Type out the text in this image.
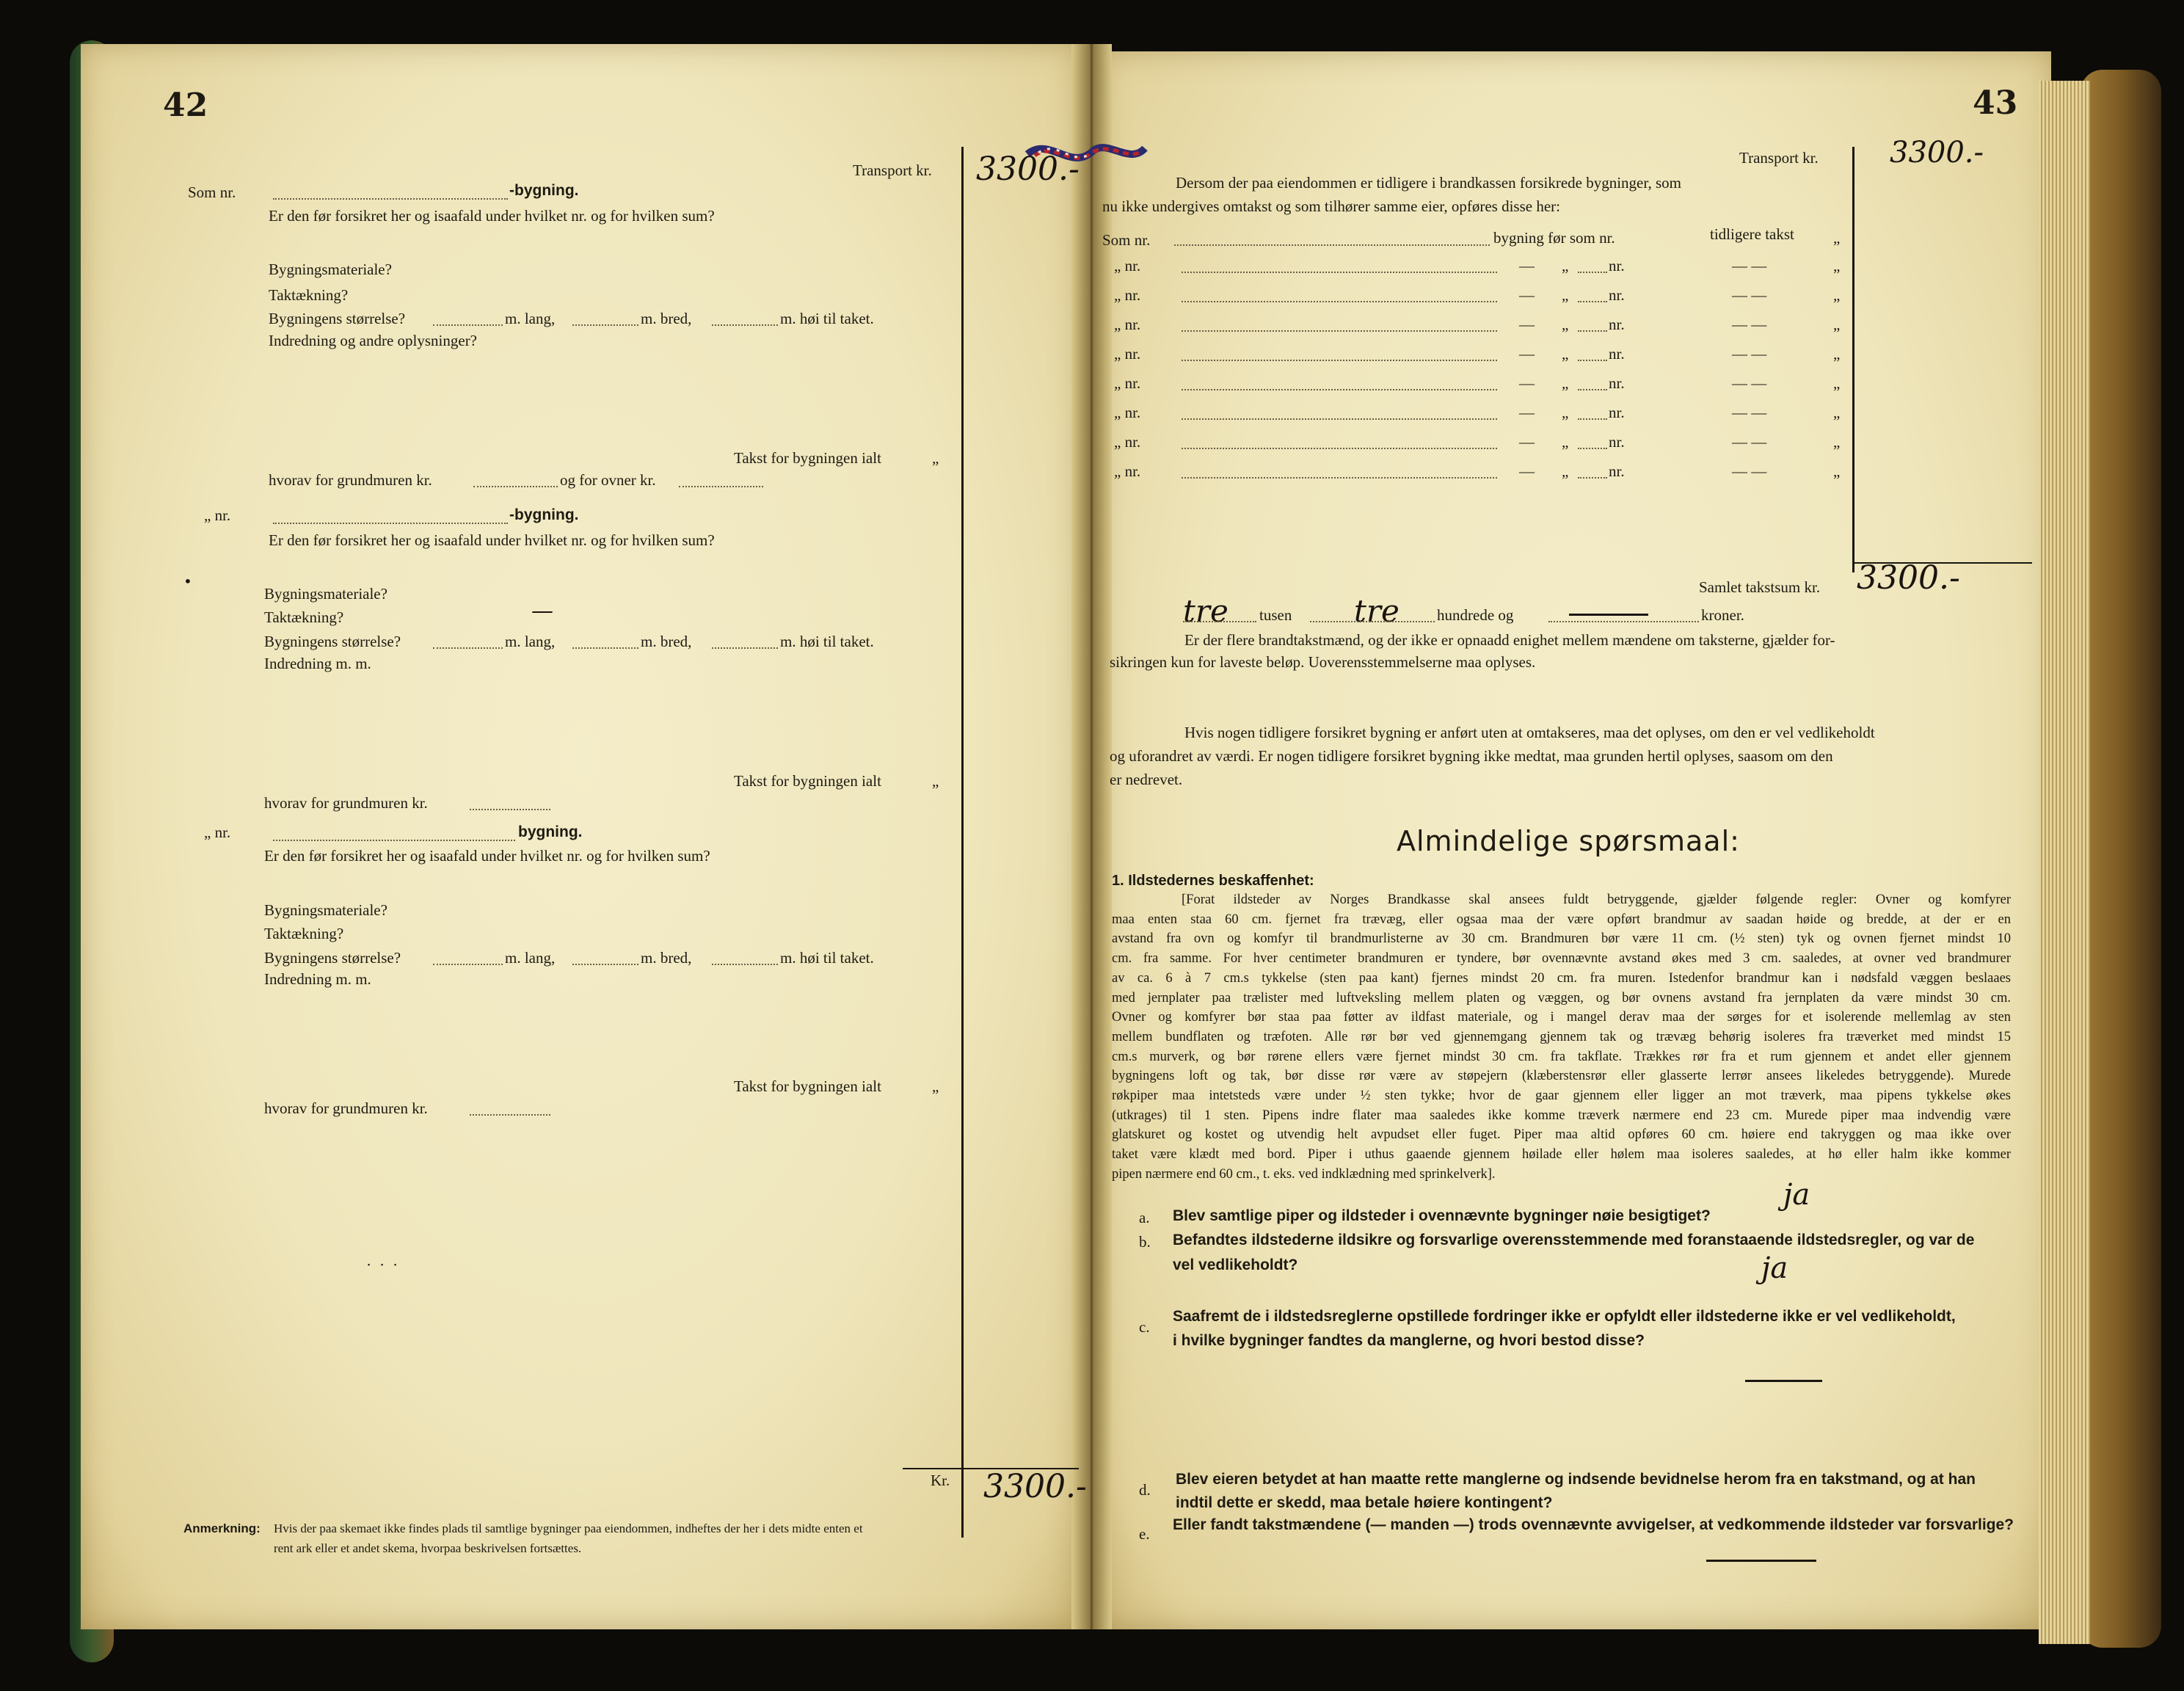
42
Transport kr. 3300.-
Som nr.	-bygning.
Er den før forsikret her og isaafald under hvilket nr. og for hvilken sum?
Bygningsmateriale?
Taktækning?
Bygningens størrelse?	m. lang,	m. bred,	m. høi til taket.
Indredning og andre oplysninger?
Takst for bygningen ialt	„
hvorav for grundmuren kr.	og for ovner kr.
„ nr.	-bygning.
Er den før forsikret her og isaafald under hvilket nr. og for hvilken sum?
Bygningsmateriale?
Taktækning?	—
Bygningens størrelse?	m. lang,	m. bred,	m. høi til taket.
Indredning m. m.
Takst for bygningen ialt	„
hvorav for grundmuren kr.
„ nr.	bygning.
Er den før forsikret her og isaafald under hvilket nr. og for hvilken sum?
Bygningsmateriale?
Taktækning?
Bygningens størrelse?	m. lang,	m. bred,	m. høi til taket.
Indredning m. m.
Takst for bygningen ialt	„
hvorav for grundmuren kr.
•
˙ ˙ ˙
Kr. 3300.-
Anmerkning: Hvis der paa skemaet ikke findes plads til samtlige bygninger paa eiendommen, indheftes der her i dets midte enten et
rent ark eller et andet skema, hvorpaa beskrivelsen fortsættes.
43
Transport kr. 3300.-
Dersom der paa eiendommen er tidligere i brandkassen forsikrede bygninger, som
nu ikke undergives omtakst og som tilhører samme eier, opføres disse her:
Som nr.	bygning før som nr.	tidligere takst	„
„ nr.	— „	nr.	— —	„
„ nr.	— „	nr.	— —	„
„ nr.	— „	nr.	— —	„
„ nr.	— „	nr.	— —	„
„ nr.	— „	nr.	— —	„
„ nr.	— „	nr.	— —	„
„ nr.	— „	nr.	— —	„
„ nr.	— „	nr.	— —	„
Samlet takstsum kr. 3300.-
tre tusen tre hundrede og	kroner.
Er der flere brandtakstmænd, og der ikke er opnaadd enighet mellem mændene om taksterne, gjælder for-
sikringen kun for laveste beløp. Uoverensstemmelserne maa oplyses.
Hvis nogen tidligere forsikret bygning er anført uten at omtakseres, maa det oplyses, om den er vel vedlikeholdt
og uforandret av værdi. Er nogen tidligere forsikret bygning ikke medtat, maa grunden hertil oplyses, saasom om den
er nedrevet.
Almindelige spørsmaal:
1. Ildstedernes beskaffenhet:

[Forat ildsteder av Norges Brandkasse skal ansees fuldt betryggende, gjælder følgende regler: Ovner og komfyrer

maa enten staa 60 cm. fjernet fra trævæg, eller ogsaa maa der være opført brandmur av saadan høide og bredde, at der er en

avstand fra ovn og komfyr til brandmurlisterne av 30 cm. Brandmuren bør være 11 cm. (½ sten) tyk og ovnen fjernet mindst 10

cm. fra samme. For hver centimeter brandmuren er tyndere, bør ovennævnte avstand økes med 3 cm. saaledes, at ovner ved brandmurer

av ca. 6 à 7 cm.s tykkelse (sten paa kant) fjernes mindst 20 cm. fra muren. Istedenfor brandmur kan i nødsfald væggen beslaaes

med jernplater paa trælister med luftveksling mellem platen og væggen, og bør ovnens avstand fra jernplaten da være mindst 30 cm.

Ovner og komfyrer bør staa paa føtter av ildfast materiale, og i mangel derav maa der sørges for et isolerende mellemlag av sten

mellem bundflaten og træfoten. Alle rør bør ved gjennemgang gjennem tak og trævæg behørig isoleres fra træverket med mindst 15

cm.s murverk, og bør rørene ellers være fjernet mindst 30 cm. fra takflate. Trækkes rør fra et rum gjennem et andet eller gjennem

bygningens loft og tak, bør disse rør være av støpejern (klæberstensrør eller glasserte lerrør ansees likeledes betryggende). Murede

røkpiper maa intetsteds være under ½ sten tykke; hvor de gaar gjennem eller ligger an mot træverk, maa pipens tykkelse økes

(utkrages) til 1 sten. Pipens indre flater maa saaledes ikke komme træverk nærmere end 23 cm. Murede piper maa indvendig være

glatskuret og kostet og utvendig helt avpudset eller fuget. Piper maa altid opføres 60 cm. høiere end takryggen og maa ikke over

taket være klædt med bord. Piper i uthus gaaende gjennem høilade eller hølem maa isoleres saaledes, at hø eller halm ikke kommer

pipen nærmere end 60 cm., t. eks. ved indklædning med sprinkelverk].

a. Blev samtlige piper og ildsteder i ovennævnte bygninger nøie besigtiget?
ja
b. Befandtes ildstederne ildsikre og forsvarlige overensstemmende med foranstaaende ildstedsregler, og var de
vel vedlikeholdt?	ja
c.
Saafremt de i ildstedsreglerne opstillede fordringer ikke er opfyldt eller ildstederne ikke er vel vedlikeholdt,
i hvilke bygninger fandtes da manglerne, og hvori bestod disse?
d.
Blev eieren betydet at han maatte rette manglerne og indsende bevidnelse herom fra en takstmand, og at han
indtil dette er skedd, maa betale høiere kontingent?
e.
Eller fandt takstmændene (— manden —) trods ovennævnte avvigelser, at vedkommende ildsteder var forsvarlige?
